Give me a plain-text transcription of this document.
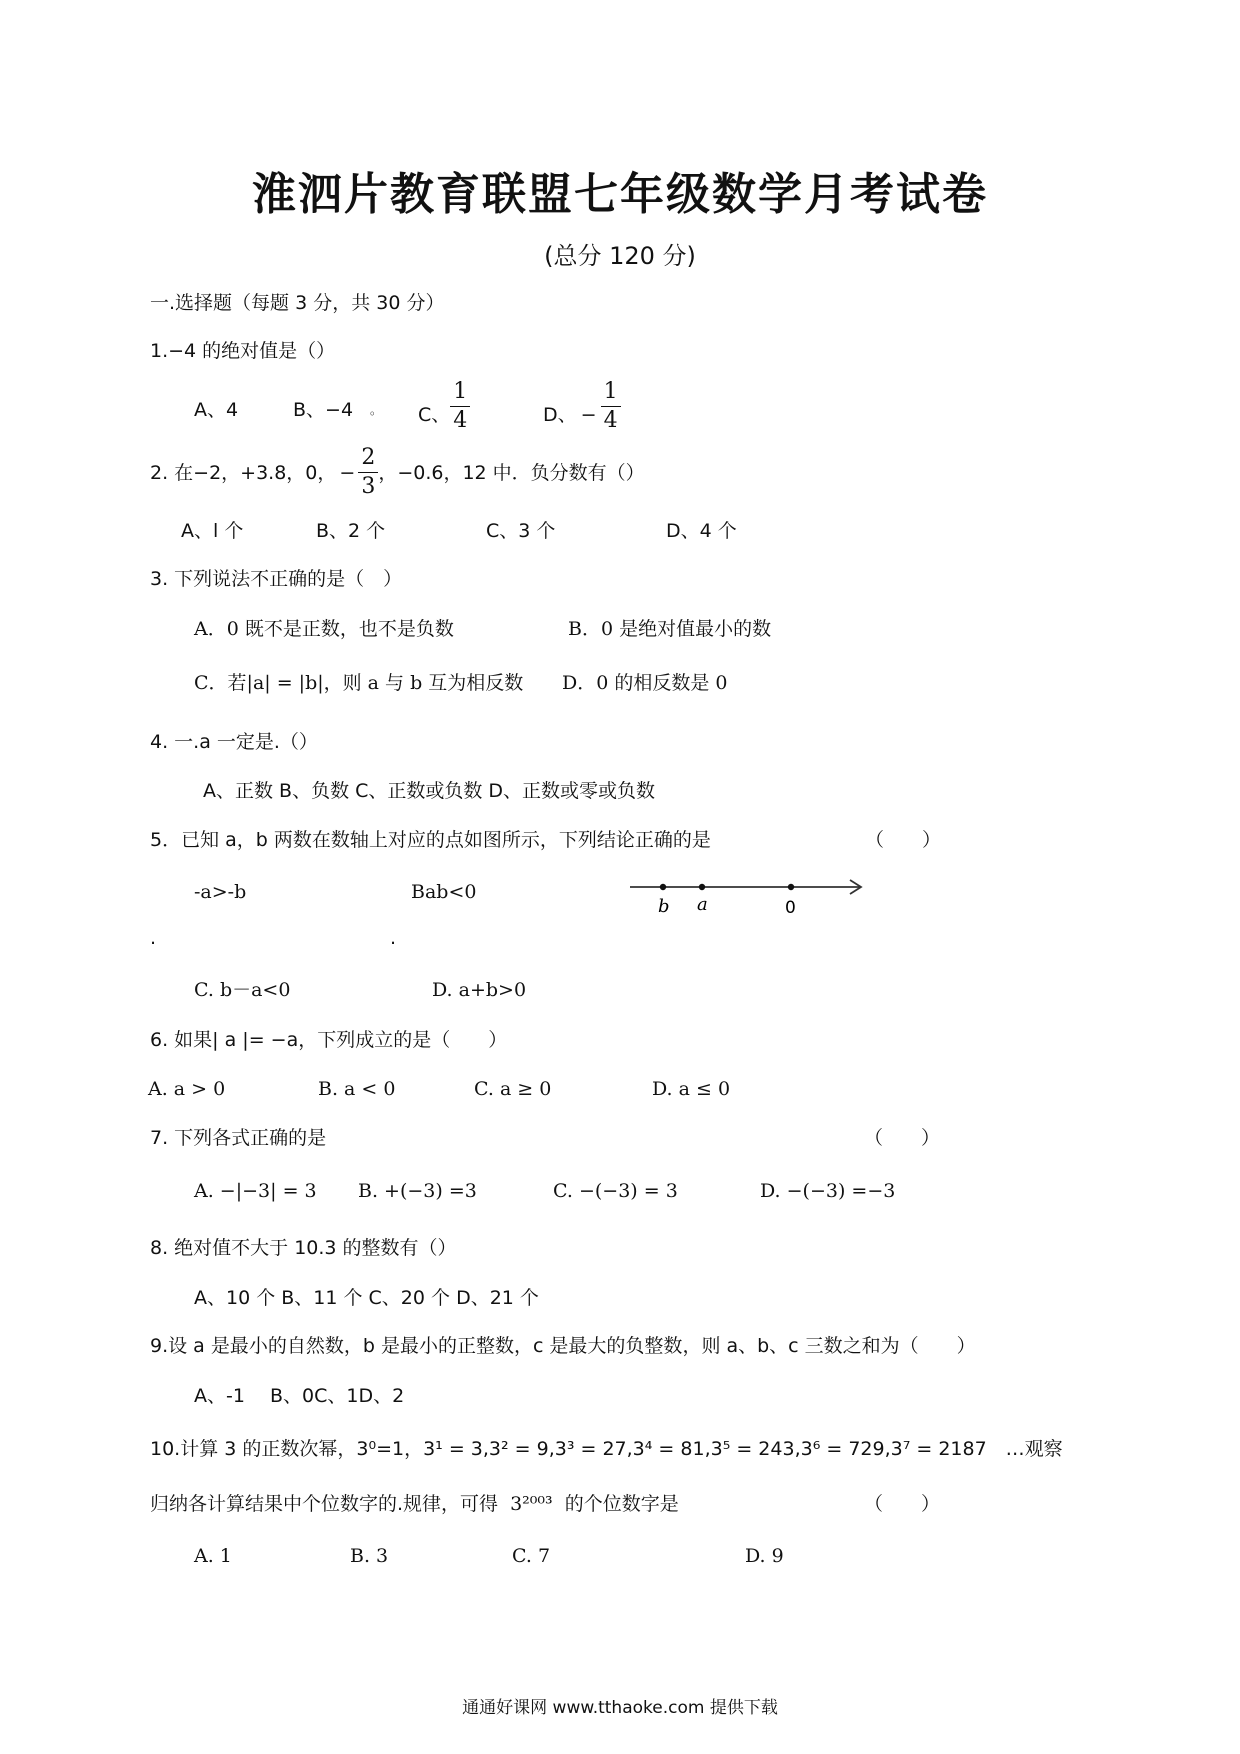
淮泗片教育联盟七年级数学月考试卷
(总分 120 分)
一.选择题（每题 3 分，共 30 分）
1.−4 的绝对值是（）
A、4	B、−4 。 C、 $\frac{1}{4}$	D、 − $\frac{1}{4}$
2. 在−2，+3.8，0， − $\frac{2}{3}$ ，−0.6，12 中．负分数有（）
A、l 个	B、2 个	C、3 个	D、4 个
3. 下列说法不正确的是（　）
A．0 既不是正数，也不是负数	B．0 是绝对值最小的数
C．若|a| = |b|，则 a 与 b 互为相反数 D．0 的相反数是 0
4. 一.a 一定是.（）
A、正数 B、负数 C、正数或负数 D、正数或零或负数
5．已知 a，b 两数在数轴上对应的点如图所示，下列结论正确的是	（　　）
-a>-b	Bab<0
b a	0
.	.
C. b－a<0	D. a+b>0
6. 如果| a |= −a，下列成立的是（　　）
A. a > 0	B. a < 0	C. a ≥ 0	D. a ≤ 0
7. 下列各式正确的是	（　　）
A. −|−3| = 3 B. +(−3) =3	C. −(−3) = 3	D. −(−3) =−3
8. 绝对值不大于 10.3 的整数有（）
A、10 个 B、11 个 C、20 个 D、21 个
9.设 a 是最小的自然数，b 是最小的正整数，c 是最大的负整数，则 a、b、c 三数之和为（　　）
A、-1　 B、0C、1D、2
10.计算 3 的正数次幂，3⁰=1，3¹ = 3,3² = 9,3³ = 27,3⁴ = 81,3⁵ = 243,3⁶ = 729,3⁷ = 2187　…观察
归纳各计算结果中个位数字的.规律，可得 3²⁰⁰³ 的个位数字是	（　　）
A. 1	B. 3	C. 7	D. 9
通通好课网 www.tthaoke.com 提供下载
